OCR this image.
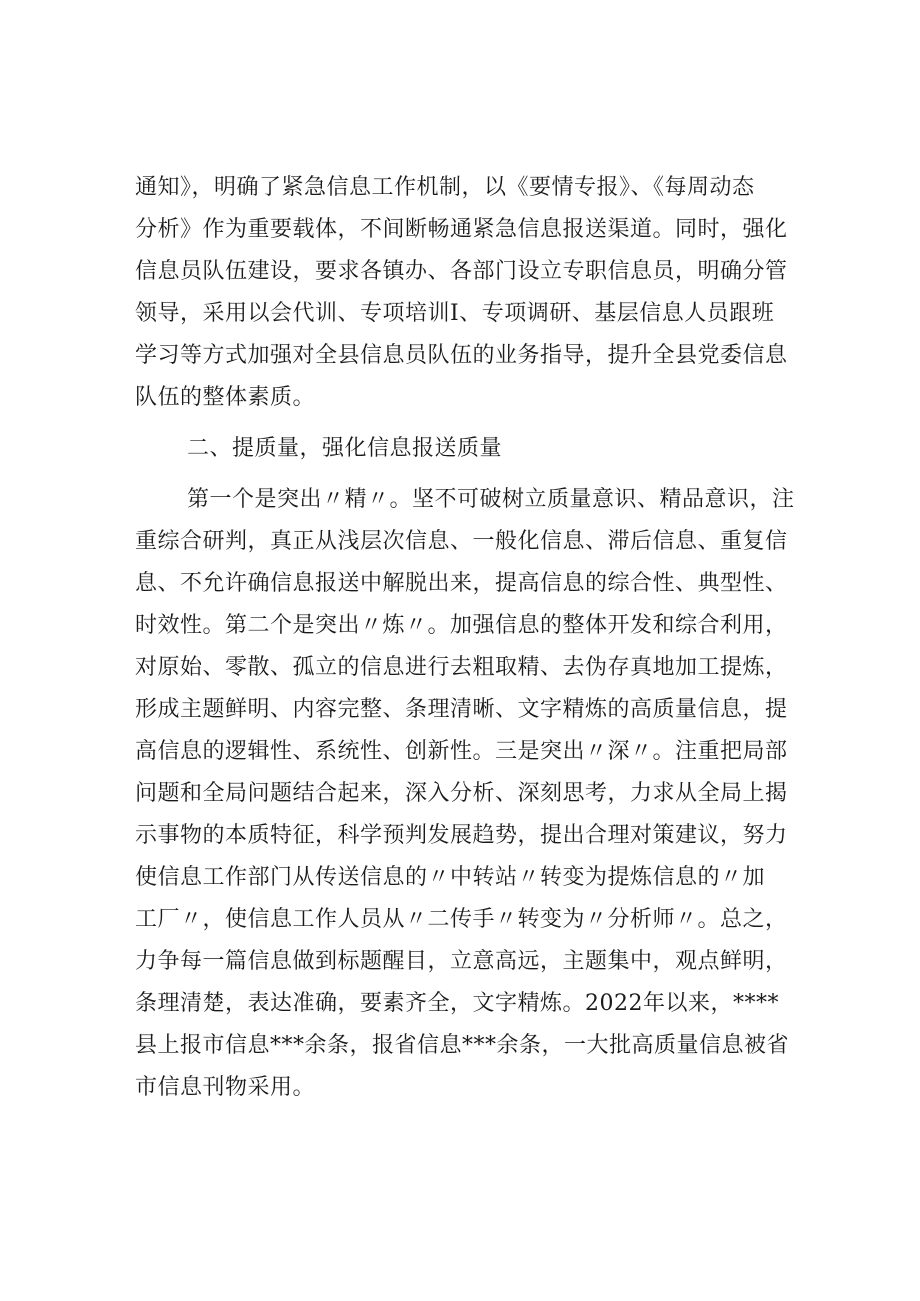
通知》，明确了紧急信息工作机制，以《要情专报》、《每周动态
分析》作为重要载体，不间断畅通紧急信息报送渠道。同时，强化
信息员队伍建设，要求各镇办、各部门设立专职信息员，明确分管
领导，采用以会代训、专项培训Ⅰ、专项调研、基层信息人员跟班
学习等方式加强对全县信息员队伍的业务指导，提升全县党委信息
队伍的整体素质。
二、提质量，强化信息报送质量
第一个是突出〃精〃。坚不可破树立质量意识、精品意识，注
重综合研判，真正从浅层次信息、一般化信息、滞后信息、重复信
息、不允许确信息报送中解脱出来，提高信息的综合性、典型性、
时效性。第二个是突出〃炼〃。加强信息的整体开发和综合利用，
对原始、零散、孤立的信息进行去粗取精、去伪存真地加工提炼，
形成主题鲜明、内容完整、条理清晰、文字精炼的高质量信息，提
高信息的逻辑性、系统性、创新性。三是突出〃深〃。注重把局部
问题和全局问题结合起来，深入分析、深刻思考，力求从全局上揭
示事物的本质特征，科学预判发展趋势，提出合理对策建议，努力
使信息工作部门从传送信息的〃中转站〃转变为提炼信息的〃加
工厂〃，使信息工作人员从〃二传手〃转变为〃分析师〃。总之，
力争每一篇信息做到标题醒目，立意高远，主题集中，观点鲜明，
条理清楚，表达准确，要素齐全，文字精炼。2022年以来，****
县上报市信息***余条，报省信息***余条，一大批高质量信息被省
市信息刊物采用。
